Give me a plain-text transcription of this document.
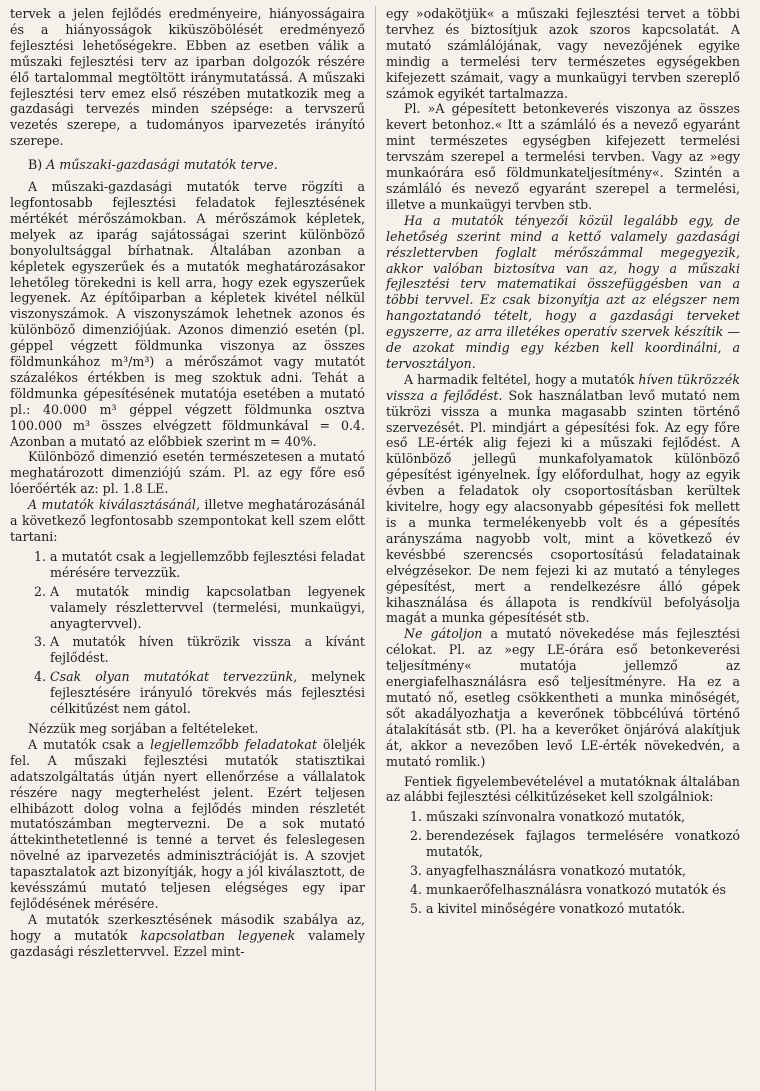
tervek a jelen fejlődés eredményeire, hiányosságaira és a hiányosságok kiküszöbölését eredményező fejlesztési lehetőségekre. Ebben az esetben válik a műszaki fejlesztési terv az iparban dolgozók részére élő tartalommal megtöltött iránymutatássá. A műszaki fejlesztési terv emez első részében mutatkozik meg a gazdasági tervezés minden szépsége: a tervszerű vezetés szerepe, a tudományos iparvezetés irányító szerepe.

B) A műszaki-gazdasági mutatók terve.

A műszaki-gazdasági mutatók terve rögzíti a legfontosabb fejlesztési feladatok fejlesztésének mértékét mérőszámokban. A mérőszámok képletek, melyek az iparág sajátosságai szerint különböző bonyolultsággal bírhatnak. Általában azonban a képletek egyszerűek és a mutatók meghatározásakor lehetőleg törekedni is kell arra, hogy ezek egyszerűek legyenek. Az építőiparban a képletek kivétel nélkül viszonyszámok. A viszonyszámok lehetnek azonos és különböző dimenziójúak. Azonos dimenzió esetén (pl. géppel végzett földmunka viszonya az összes földmunkához m³/m³) a mérőszámot vagy mutatót százalékos értékben is meg szoktuk adni. Tehát a földmunka gépesítésének mutatója esetében a mutató pl.: 40.000 m³ géppel végzett földmunka osztva 100.000 m³ összes elvégzett földmunkával = 0.4. Azonban a mutató az előbbiek szerint m = 40%.

Különböző dimenzió esetén természetesen a mutató meghatározott dimenziójú szám. Pl. az egy főre eső lóerőérték az: pl. 1.8 LE.

A mutatók kiválasztásánál, illetve meghatározásánál a következő legfontosabb szempontokat kell szem előtt tartani:

1. a mutatót csak a legjellemzőbb fejlesztési feladat mérésére tervezzük.
2. A mutatók mindig kapcsolatban legyenek valamely részlettervvel (termelési, munkaügyi, anyagtervvel).
3. A mutatók híven tükrözik vissza a kívánt fejlődést.
4. Csak olyan mutatókat tervezzünk, melynek fejlesztésére irányuló törekvés más fejlesztési célkitűzést nem gátol.

Nézzük meg sorjában a feltételeket.

A mutatók csak a legjellemzőbb feladatokat öleljék fel. A műszaki fejlesztési mutatók statisztikai adatszolgáltatás útján nyert ellenőrzése a vállalatok részére nagy megterhelést jelent. Ezért teljesen elhibázott dolog volna a fejlődés minden részletét mutatószámban megtervezni. De a sok mutató áttekinthetetlenné is tenné a tervet és feleslegesen növelné az iparvezetés adminisztrációját is. A szovjet tapasztalatok azt bizonyítják, hogy a jól kiválasztott, de kevésszámú mutató teljesen elégséges egy ipar fejlődésének mérésére.

A mutatók szerkesztésének második szabálya az, hogy a mutatók kapcsolatban legyenek valamely gazdasági részlettervvel. Ezzel mint-

egy »odakötjük« a műszaki fejlesztési tervet a többi tervhez és biztosítjuk azok szoros kapcsolatát. A mutató számlálójának, vagy nevezőjének egyike mindig a termelési terv természetes egységekben kifejezett számait, vagy a munkaügyi tervben szereplő számok egyikét tartalmazza.

Pl. »A gépesített betonkeverés viszonya az összes kevert betonhoz.« Itt a számláló és a nevező egyaránt mint természetes egységben kifejezett termelési tervszám szerepel a termelési tervben. Vagy az »egy munkaórára eső földmunkateljesítmény«. Szintén a számláló és nevező egyaránt szerepel a termelési, illetve a munkaügyi tervben stb.

Ha a mutatók tényezői közül legalább egy, de lehetőség szerint mind a kettő valamely gazdasági részlettervben foglalt mérőszámmal megegyezik, akkor valóban biztosítva van az, hogy a műszaki fejlesztési terv matematikai összefüggésben van a többi tervvel. Ez csak bizonyítja azt az elégszer nem hangoztatandó tételt, hogy a gazdasági terveket egyszerre, az arra illetékes operatív szervek készítik — de azokat mindig egy kézben kell koordinálni, a tervosztályon.

A harmadik feltétel, hogy a mutatók híven tükrözzék vissza a fejlődést. Sok használatban levő mutató nem tükrözi vissza a munka magasabb szinten történő szervezését. Pl. mindjárt a gépesítési fok. Az egy főre eső LE-érték alig fejezi ki a műszaki fejlődést. A különböző jellegű munkafolyamatok különböző gépesítést igényelnek. Így előfordulhat, hogy az egyik évben a feladatok oly csoportosításban kerültek kivitelre, hogy egy alacsonyabb gépesítési fok mellett is a munka termelékenyebb volt és a gépesítés arányszáma nagyobb volt, mint a következő év kevésbbé szerencsés csoportosítású feladatainak elvégzésekor. De nem fejezi ki az mutató a tényleges gépesítést, mert a rendelkezésre álló gépek kihasználása és állapota is rendkívül befolyásolja magát a munka gépesítését stb.

Ne gátoljon a mutató növekedése más fejlesztési célokat. Pl. az »egy LE-órára eső betonkeverési teljesítmény« mutatója jellemző az energiafelhasználásra eső teljesítményre. Ha ez a mutató nő, esetleg csökkentheti a munka minőségét, sőt akadályozhatja a keverőnek többcélúvá történő átalakítását stb. (Pl. ha a keverőket önjáróvá alakítjuk át, akkor a nevezőben levő LE-érték növekedvén, a mutató romlik.)

Fentiek figyelembevételével a mutatóknak általában az alábbi fejlesztési célkitűzéseket kell szolgálniok:

1. műszaki színvonalra vonatkozó mutatók,
2. berendezések fajlagos termelésére vonatkozó mutatók,
3. anyagfelhasználásra vonatkozó mutatók,
4. munkaerőfelhasználásra vonatkozó mutatók és
5. a kivitel minőségére vonatkozó mutatók.
